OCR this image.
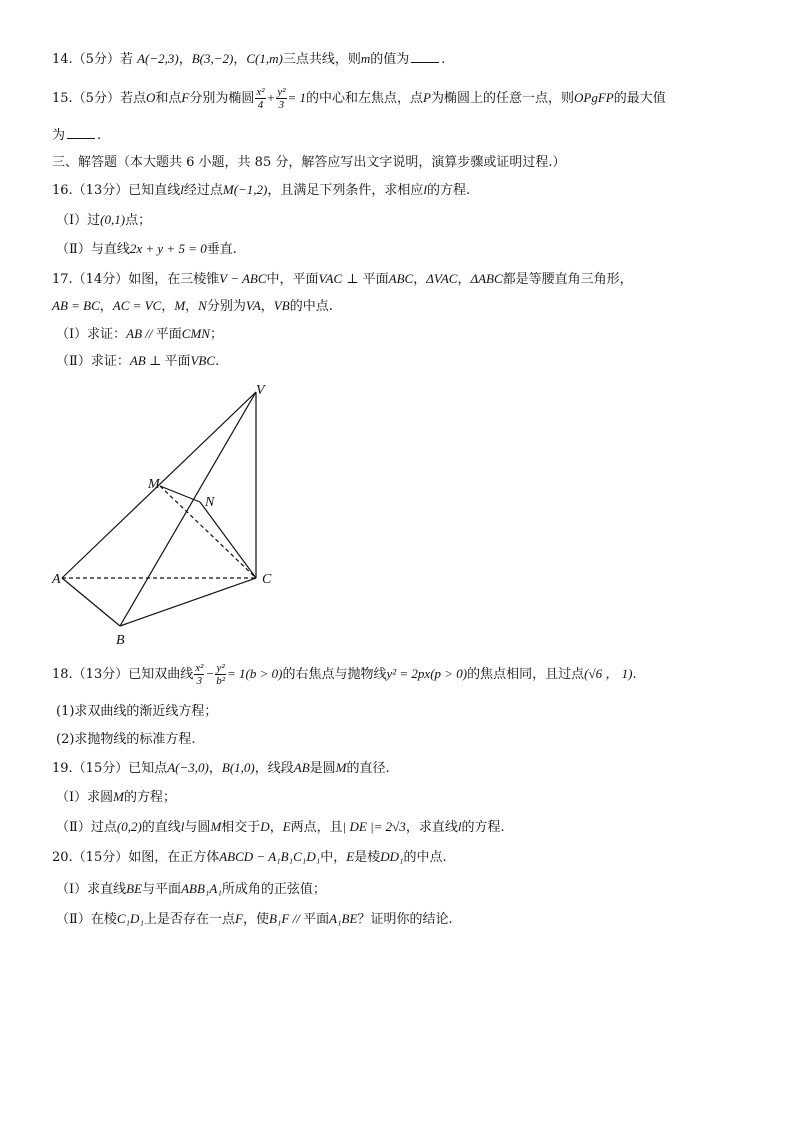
14.（5分）若 A(−2,3)，B(3,−2)，C(1,m)三点共线，则m的值为 .
15.（5分）若点O和点F分别为椭圆 $\frac{\text{x²}}{4} + \frac{\text{y²}}{3} = 1$的中心和左焦点，点P为椭圆上的任意一点，则OPgFP的最大值
为 .
三、解答题（本大题共 6 小题，共 85 分，解答应写出文字说明，演算步骤或证明过程.）
16.（13分）已知直线l经过点M(−1,2)，且满足下列条件，求相应l的方程.
（Ⅰ）过(0,1)点；
（Ⅱ）与直线2x + y + 5 = 0垂直.
17.（14分）如图，在三棱锥V − ABC中，平面VAC ⊥ 平面ABC，ΔVAC，ΔABC都是等腰直角三角形，
AB = BC，AC = VC，M，N分别为VA，VB的中点.
（Ⅰ）求证：AB // 平面CMN；
（Ⅱ）求证：AB ⊥ 平面VBC.
V
M
N
A	C
B
18.（13分）已知双曲线 $\frac{\text{x²}}{3} - \frac{\text{y²}}{\text{b²}} = 1(b > 0)$的右焦点与抛物线y² = 2px(p > 0)的焦点相同，且过点(√6 ， 1).
(1)求双曲线的渐近线方程；
(2)求抛物线的标准方程.
19.（15分）已知点A(−3,0)，B(1,0)，线段AB是圆M的直径.
（Ⅰ）求圆M的方程；
（Ⅱ）过点(0,2)的直线l与圆M相交于D，E两点，且| DE |= 2√3，求直线l的方程.
20.（15分）如图，在正方体ABCD − A₁B₁C₁D₁中，E是棱DD₁的中点.
（Ⅰ）求直线BE与平面ABB₁A₁所成角的正弦值；
（Ⅱ）在棱C₁D₁上是否存在一点F，使B₁F // 平面A₁BE？证明你的结论.
